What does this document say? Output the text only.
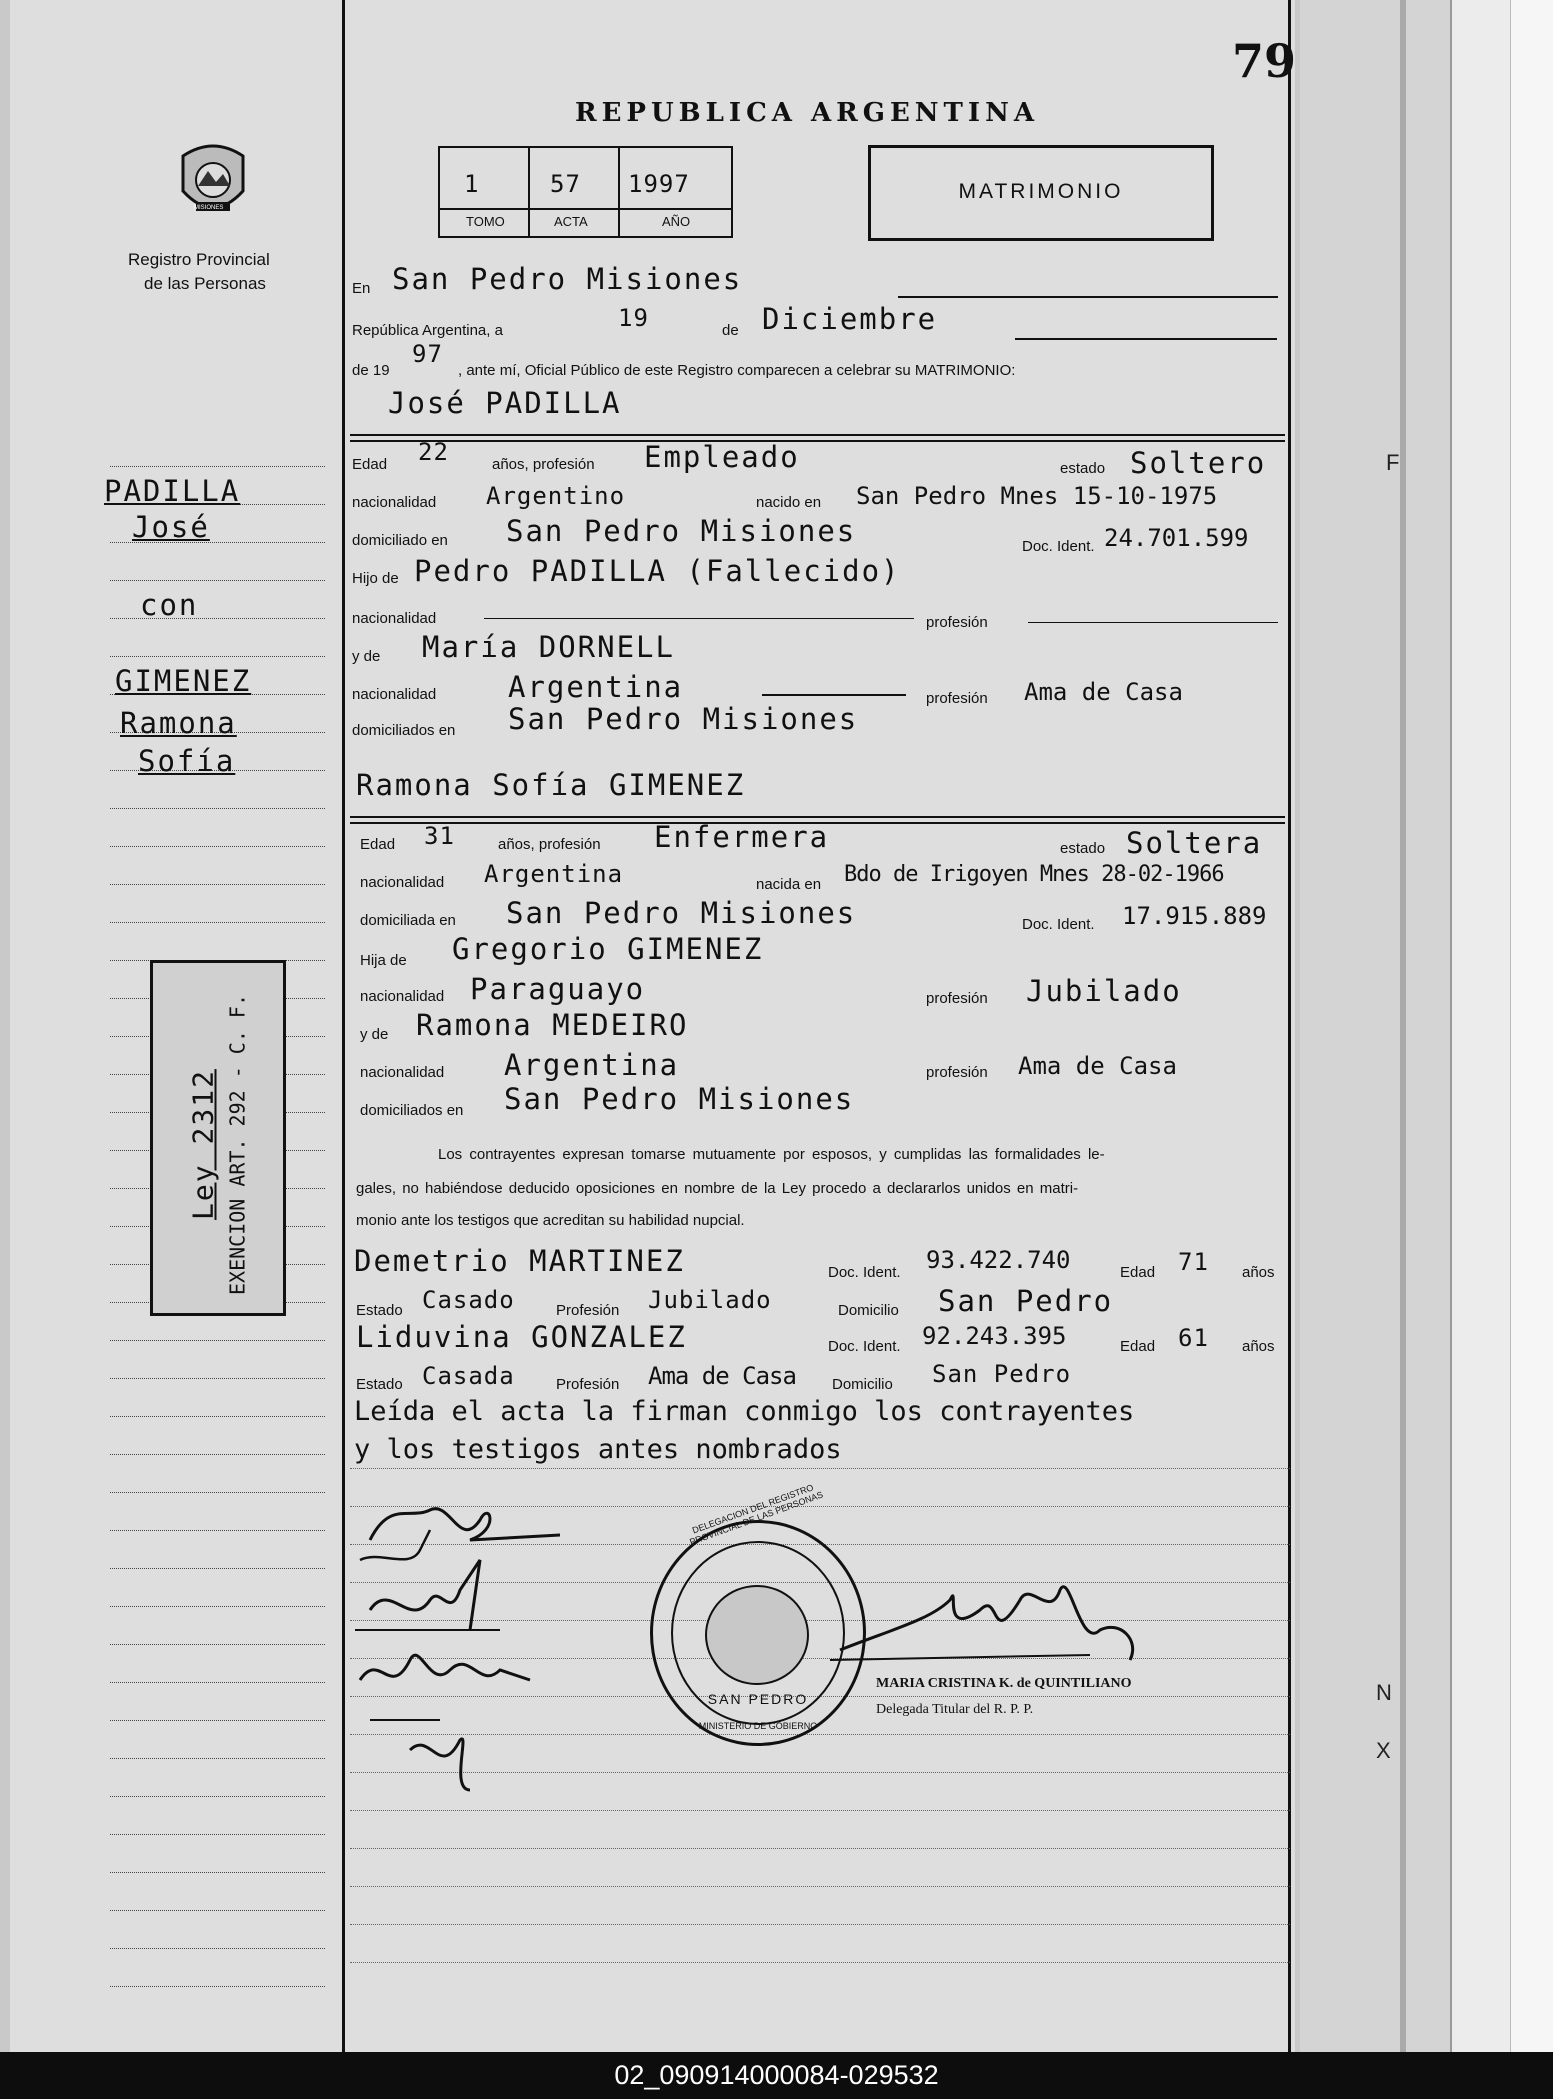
79
REPUBLICA ARGENTINA
1	57 1997
TOMO	ACTA	AÑO
MATRIMONIO
MISIONES
Registro Provincial
de las Personas
PADILLA
José
con
GIMENEZ
Ramona
Sofía
Ley 2312 EXENCION ART. 292 - C. F.
En San Pedro Misiones
República Argentina, a	19	de Diciembre
de 19
97
, ante mí, Oficial Público de este Registro comparecen a celebrar su MATRIMONIO:
José PADILLA
Edad 22	años, profesión Empleado	estado Soltero
nacionalidad Argentino	nacido en San Pedro Mnes 15-10-1975
domiciliado en San Pedro Misiones	Doc. Ident. 24.701.599
Hijo de Pedro PADILLA (Fallecido)
nacionalidad	profesión
y de María DORNELL
nacionalidad Argentina	profesión Ama de Casa
domiciliados en San Pedro Misiones
Ramona Sofía GIMENEZ
Edad 31	años, profesión Enfermera	estado Soltera
nacionalidad Argentina	nacida en Bdo de Irigoyen Mnes 28-02-1966
domiciliada en San Pedro Misiones	Doc. Ident. 17.915.889
Hija de Gregorio GIMENEZ
nacionalidad Paraguayo	profesión Jubilado
y de Ramona MEDEIRO
nacionalidad Argentina	profesión Ama de Casa
domiciliados en San Pedro Misiones
Los contrayentes expresan tomarse mutuamente por esposos, y cumplidas las formalidades le-
gales, no habiéndose deducido oposiciones en nombre de la Ley procedo a declararlos unidos en matri-
monio ante los testigos que acreditan su habilidad nupcial.
Demetrio MARTINEZ	Doc. Ident. 93.422.740	Edad 71 años
Estado Casado	Profesión Jubilado	Domicilio San Pedro
Liduvina GONZALEZ	Doc. Ident. 92.243.395	Edad 61 años
Estado Casada	Profesión Ama de Casa Domicilio San Pedro
Leída el acta la firman conmigo los contrayentes
y los testigos antes nombrados
DELEGACION DEL REGISTRO PROVINCIAL DE LAS PERSONAS
SAN PEDRO
MINISTERIO DE GOBIERNO
MARIA CRISTINA K. de QUINTILIANO
Delegada Titular del R. P. P.
F
N
X
02_090914000084-029532
